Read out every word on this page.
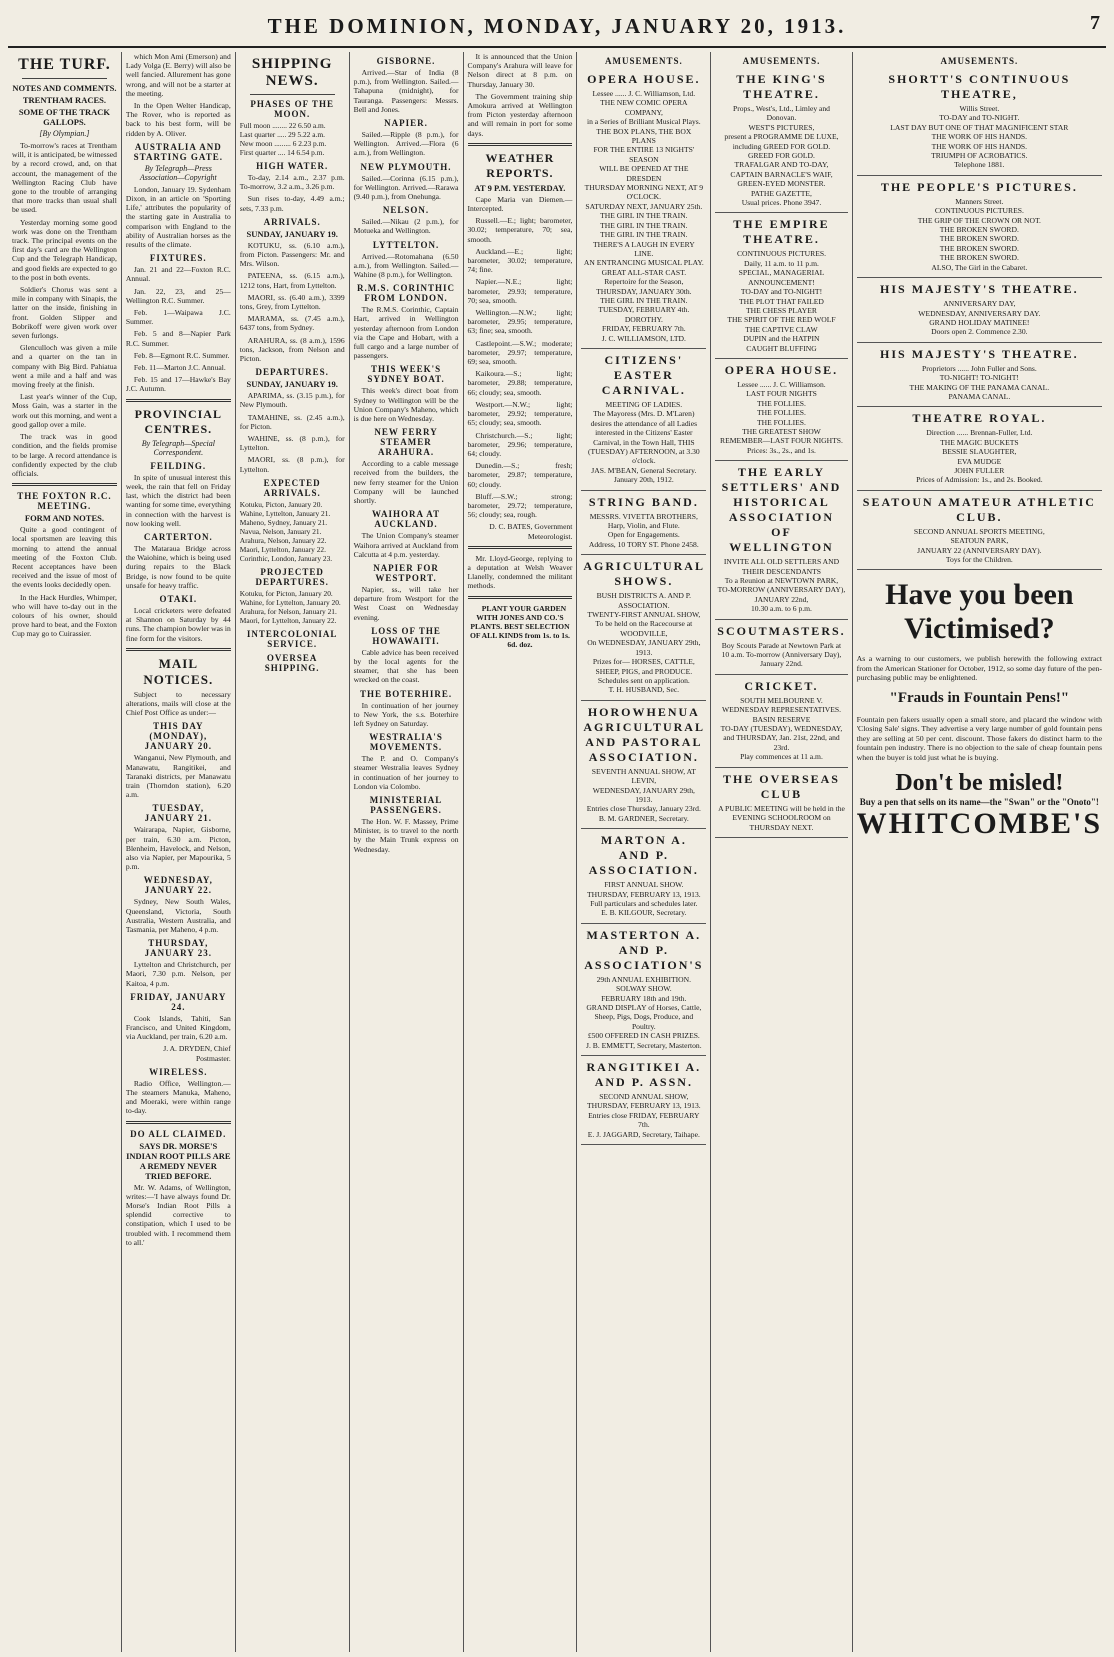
THE DOMINION, MONDAY, JANUARY 20, 1913.	7
THE TURF.
NOTES AND COMMENTS.
TRENTHAM RACES.
SOME OF THE TRACK GALLOPS.
[By Olympian.]

To-morrow's races at Trentham will, it is anticipated, be witnessed by a record crowd, and, on that account, the management of the Wellington Racing Club have gone to the trouble of arranging that more tracks than usual shall be used.

Yesterday morning some good work was done on the Trentham track. The principal events on the first day's card are the Wellington Cup and the Telegraph Handicap, and good fields are expected to go to the post in both events.

Soldier's Chorus was sent a mile in company with Sinapis, the latter on the inside, finishing in front. Golden Slipper and Bobrikoff were given work over seven furlongs.

Glenculloch was given a mile and a quarter on the tan in company with Big Bird. Pahiatua went a mile and a half and was moving freely at the finish.

Last year's winner of the Cup, Moss Gain, was a starter in the work out this morning, and went a good gallop over a mile.

The track was in good condition, and the fields promise to be large. A record attendance is confidently expected by the club officials.

THE FOXTON R.C. MEETING.
FORM AND NOTES.

Quite a good contingent of local sportsmen are leaving this morning to attend the annual meeting of the Foxton Club. Recent acceptances have been received and the issue of most of the events looks decidedly open.

In the Hack Hurdles, Whimper, who will have to-day out in the colours of his owner, should prove hard to beat, and the Foxton Cup may go to Cuirassier.

which Mon Ami (Emerson) and Lady Volga (E. Berry) will also be well fancied. Allurement has gone wrong, and will not be a starter at the meeting.

In the Open Welter Handicap, The Rover, who is reported as back to his best form, will be ridden by A. Oliver.

AUSTRALIA AND STARTING GATE.
By Telegraph—Press Association—Copyright

London, January 19. Sydenham Dixon, in an article on 'Sporting Life,' attributes the popularity of the starting gate in Australia to comparison with England to the ability of Australian horses as the results of the climate.

FIXTURES.

Jan. 21 and 22—Foxton R.C. Annual.

Jan. 22, 23, and 25—Wellington R.C. Summer.

Feb. 1—Waipawa J.C. Summer.

Feb. 5 and 8—Napier Park R.C. Summer.

Feb. 8—Egmont R.C. Summer.

Feb. 11—Marton J.C. Annual.

Feb. 15 and 17—Hawke's Bay J.C. Autumn.

PROVINCIAL CENTRES.
By Telegraph—Special Correspondent.
FEILDING.

In spite of unusual interest this week, the rain that fell on Friday last, which the district had been wanting for some time, everything in connection with the harvest is now looking well.

CARTERTON.

The Mataraua Bridge across the Waiohine, which is being used during repairs to the Black Bridge, is now found to be quite unsafe for heavy traffic.

OTAKI.

Local cricketers were defeated at Shannon on Saturday by 44 runs. The champion bowler was in fine form for the visitors.

MAIL NOTICES.

Subject to necessary alterations, mails will close at the Chief Post Office as under:—

THIS DAY (MONDAY), JANUARY 20.

Wanganui, New Plymouth, and Manawatu, Rangitikei, and Taranaki districts, per Manawatu train (Thorndon station), 6.20 a.m.

TUESDAY, JANUARY 21.

Wairarapa, Napier, Gisborne, per train, 6.30 a.m. Picton, Blenheim, Havelock, and Nelson, also via Napier, per Mapourika, 5 p.m.

WEDNESDAY, JANUARY 22.

Sydney, New South Wales, Queensland, Victoria, South Australia, Western Australia, and Tasmania, per Maheno, 4 p.m.

THURSDAY, JANUARY 23.

Lyttelton and Christchurch, per Maori, 7.30 p.m. Nelson, per Kaitoa, 4 p.m.

FRIDAY, JANUARY 24.

Cook Islands, Tahiti, San Francisco, and United Kingdom, via Auckland, per train, 6.20 a.m.

J. A. DRYDEN, Chief Postmaster.

WIRELESS.

Radio Office, Wellington.—The steamers Manuka, Maheno, and Moeraki, were within range to-day.

DO ALL CLAIMED.
SAYS DR. MORSE'S INDIAN ROOT PILLS ARE A REMEDY NEVER TRIED BEFORE.

Mr. W. Adams, of Wellington, writes:—'I have always found Dr. Morse's Indian Root Pills a splendid corrective to constipation, which I used to be troubled with. I recommend them to all.'

SHIPPING NEWS.
PHASES OF THE MOON.
Full moon ........ 22 6.50 a.m.
Last quarter ..... 29 5.22 a.m.
New moon ......... 6 2.23 p.m.
First quarter .... 14 6.54 p.m.
HIGH WATER.

To-day, 2.14 a.m., 2.37 p.m. To-morrow, 3.2 a.m., 3.26 p.m.

Sun rises to-day, 4.49 a.m.; sets, 7.33 p.m.

ARRIVALS.
SUNDAY, JANUARY 19.

KOTUKU, ss. (6.10 a.m.), from Picton. Passengers: Mr. and Mrs. Wilson.

PATEENA, ss. (6.15 a.m.), 1212 tons, Hart, from Lyttelton.

MAORI, ss. (6.40 a.m.), 3399 tons, Grey, from Lyttelton.

MARAMA, ss. (7.45 a.m.), 6437 tons, from Sydney.

ARAHURA, ss. (8 a.m.), 1596 tons, Jackson, from Nelson and Picton.

DEPARTURES.
SUNDAY, JANUARY 19.

APARIMA, ss. (3.15 p.m.), for New Plymouth.

TAMAHINE, ss. (2.45 a.m.), for Picton.

WAHINE, ss. (8 p.m.), for Lyttelton.

MAORI, ss. (8 p.m.), for Lyttelton.

EXPECTED ARRIVALS.
Kotuku, Picton, January 20.
Wahine, Lyttelton, January 21.
Maheno, Sydney, January 21.
Navua, Nelson, January 21.
Arahura, Nelson, January 22.
Maori, Lyttelton, January 22.
Corinthic, London, January 23.
PROJECTED DEPARTURES.
Kotuku, for Picton, January 20.
Wahine, for Lyttelton, January 20.
Arahura, for Nelson, January 21.
Maori, for Lyttelton, January 22.
INTERCOLONIAL SERVICE.
OVERSEA SHIPPING.
GISBORNE.

Arrived.—Star of India (8 p.m.), from Wellington. Sailed.—Tahapuna (midnight), for Tauranga. Passengers: Messrs. Bell and Jones.

NAPIER.

Sailed.—Ripple (8 p.m.), for Wellington. Arrived.—Flora (6 a.m.), from Wellington.

NEW PLYMOUTH.

Sailed.—Corinna (6.15 p.m.), for Wellington. Arrived.—Rarawa (9.40 p.m.), from Onehunga.

NELSON.

Sailed.—Nikau (2 p.m.), for Motueka and Wellington.

LYTTELTON.

Arrived.—Rotomahana (6.50 a.m.), from Wellington. Sailed.—Wahine (8 p.m.), for Wellington.

R.M.S. CORINTHIC FROM LONDON.

The R.M.S. Corinthic, Captain Hart, arrived in Wellington yesterday afternoon from London via the Cape and Hobart, with a full cargo and a large number of passengers.

THIS WEEK'S SYDNEY BOAT.

This week's direct boat from Sydney to Wellington will be the Union Company's Maheno, which is due here on Wednesday.

NEW FERRY STEAMER ARAHURA.

According to a cable message received from the builders, the new ferry steamer for the Union Company will be launched shortly.

WAIHORA AT AUCKLAND.

The Union Company's steamer Waihora arrived at Auckland from Calcutta at 4 p.m. yesterday.

NAPIER FOR WESTPORT.

Napier, ss., will take her departure from Westport for the West Coast on Wednesday evening.

LOSS OF THE HOWAWAITI.

Cable advice has been received by the local agents for the steamer, that she has been wrecked on the coast.

THE BOTERHIRE.

In continuation of her journey to New York, the s.s. Boterhire left Sydney on Saturday.

WESTRALIA'S MOVEMENTS.

The P. and O. Company's steamer Westralia leaves Sydney in continuation of her journey to London via Colombo.

MINISTERIAL PASSENGERS.

The Hon. W. F. Massey, Prime Minister, is to travel to the north by the Main Trunk express on Wednesday.

It is announced that the Union Company's Arahura will leave for Nelson direct at 8 p.m. on Thursday, January 30.

The Government training ship Amokura arrived at Wellington from Picton yesterday afternoon and will remain in port for some days.

WEATHER REPORTS.
AT 9 P.M. YESTERDAY.

Cape Maria van Diemen.—Intercepted.

Russell.—E.; light; barometer, 30.02; temperature, 70; sea, smooth.

Auckland.—E.; light; barometer, 30.02; temperature, 74; fine.

Napier.—N.E.; light; barometer, 29.93; temperature, 70; sea, smooth.

Wellington.—N.W.; light; barometer, 29.95; temperature, 63; fine; sea, smooth.

Castlepoint.—S.W.; moderate; barometer, 29.97; temperature, 69; sea, smooth.

Kaikoura.—S.; light; barometer, 29.88; temperature, 66; cloudy; sea, smooth.

Westport.—N.W.; light; barometer, 29.92; temperature, 65; cloudy; sea, smooth.

Christchurch.—S.; light; barometer, 29.96; temperature, 64; cloudy.

Dunedin.—S.; fresh; barometer, 29.87; temperature, 60; cloudy.

Bluff.—S.W.; strong; barometer, 29.72; temperature, 56; cloudy; sea, rough.

D. C. BATES, Government Meteorologist.

Mr. Lloyd-George, replying to a deputation at Welsh Weaver Llanelly, condemned the militant methods.

PLANT YOUR GARDEN WITH JONES AND CO.'S PLANTS. BEST SELECTION OF ALL KINDS from 1s. to 1s. 6d. doz.

AMUSEMENTS.
OPERA HOUSE.
Lessee ...... J. C. Williamson, Ltd.
THE NEW COMIC OPERA COMPANY,
in a Series of Brilliant Musical Plays.
THE BOX PLANS, THE BOX PLANS
FOR THE ENTIRE 13 NIGHTS' SEASON
WILL BE OPENED AT THE DRESDEN
THURSDAY MORNING NEXT, AT 9 O'CLOCK.
SATURDAY NEXT, JANUARY 25th.
THE GIRL IN THE TRAIN.
THE GIRL IN THE TRAIN.
THE GIRL IN THE TRAIN.
THERE'S A LAUGH IN EVERY LINE.
AN ENTRANCING MUSICAL PLAY.
GREAT ALL-STAR CAST.
Repertoire for the Season,
THURSDAY, JANUARY 30th.
THE GIRL IN THE TRAIN.
TUESDAY, FEBRUARY 4th.
DOROTHY.
FRIDAY, FEBRUARY 7th.
J. C. WILLIAMSON, LTD.
CITIZENS' EASTER CARNIVAL.
MEETING OF LADIES.
The Mayoress (Mrs. D. M'Laren) desires the attendance of all Ladies interested in the Citizens' Easter Carnival, in the Town Hall, THIS (TUESDAY) AFTERNOON, at 3.30 o'clock.
JAS. M'BEAN, General Secretary.
January 20th, 1912.
STRING BAND.
MESSRS. VIVETTA BROTHERS, Harp, Violin, and Flute.
Open for Engagements.
Address, 10 TORY ST. Phone 2458.
AGRICULTURAL SHOWS.
BUSH DISTRICTS A. AND P. ASSOCIATION.
TWENTY-FIRST ANNUAL SHOW,
To be held on the Racecourse at WOODVILLE,
On WEDNESDAY, JANUARY 29th, 1913.
Prizes for— HORSES, CATTLE, SHEEP, PIGS, and PRODUCE.
Schedules sent on application.
T. H. HUSBAND, Sec.
HOROWHENUA AGRICULTURAL AND PASTORAL ASSOCIATION.
SEVENTH ANNUAL SHOW, AT LEVIN,
WEDNESDAY, JANUARY 29th, 1913.
Entries close Thursday, January 23rd.
B. M. GARDNER, Secretary.
MARTON A. AND P. ASSOCIATION.
FIRST ANNUAL SHOW.
THURSDAY, FEBRUARY 13, 1913.
Full particulars and schedules later.
E. B. KILGOUR, Secretary.
MASTERTON A. AND P. ASSOCIATION'S
29th ANNUAL EXHIBITION.
SOLWAY SHOW.
FEBRUARY 18th and 19th.
GRAND DISPLAY of Horses, Cattle, Sheep, Pigs, Dogs, Produce, and Poultry.
£500 OFFERED IN CASH PRIZES.
J. B. EMMETT, Secretary, Masterton.
RANGITIKEI A. AND P. ASSN.
SECOND ANNUAL SHOW,
THURSDAY, FEBRUARY 13, 1913.
Entries close FRIDAY, FEBRUARY 7th.
E. J. JAGGARD, Secretary, Taihape.
AMUSEMENTS.
THE KING'S THEATRE.
Props., West's, Ltd., Limley and Donovan.
WEST'S PICTURES,
present a PROGRAMME DE LUXE,
including GREED FOR GOLD.
GREED FOR GOLD.
TRAFALGAR AND TO-DAY,
CAPTAIN BARNACLE'S WAIF,
GREEN-EYED MONSTER.
PATHE GAZETTE,
Usual prices. Phone 3947.
THE EMPIRE THEATRE.
CONTINUOUS PICTURES.
Daily, 11 a.m. to 11 p.m.
SPECIAL, MANAGERIAL ANNOUNCEMENT!
TO-DAY and TO-NIGHT!
THE PLOT THAT FAILED
THE CHESS PLAYER
THE SPIRIT OF THE RED WOLF
THE CAPTIVE CLAW
DUPIN and the HATPIN
CAUGHT BLUFFING
OPERA HOUSE.
Lessee ...... J. C. Williamson.
LAST FOUR NIGHTS
THE FOLLIES.
THE FOLLIES.
THE FOLLIES.
THE GREATEST SHOW
REMEMBER—LAST FOUR NIGHTS.
Prices: 3s., 2s., and 1s.
THE EARLY SETTLERS' AND HISTORICAL ASSOCIATION OF WELLINGTON
INVITE ALL OLD SETTLERS AND THEIR DESCENDANTS
To a Reunion at NEWTOWN PARK,
TO-MORROW (ANNIVERSARY DAY),
JANUARY 22nd,
10.30 a.m. to 6 p.m.
SCOUTMASTERS.
Boy Scouts Parade at Newtown Park at 10 a.m. To-morrow (Anniversary Day), January 22nd.
CRICKET.
SOUTH MELBOURNE V. WEDNESDAY REPRESENTATIVES.
BASIN RESERVE
TO-DAY (TUESDAY), WEDNESDAY, and THURSDAY, Jan. 21st, 22nd, and 23rd.
Play commences at 11 a.m.
THE OVERSEAS CLUB
A PUBLIC MEETING will be held in the EVENING SCHOOLROOM on THURSDAY NEXT.
AMUSEMENTS.
SHORTT'S CONTINUOUS THEATRE,
Willis Street.
TO-DAY and TO-NIGHT.
LAST DAY BUT ONE OF THAT MAGNIFICENT STAR
THE WORK OF HIS HANDS.
THE WORK OF HIS HANDS.
TRIUMPH OF ACROBATICS.
Telephone 1881.
THE PEOPLE'S PICTURES.
Manners Street.
CONTINUOUS PICTURES.
THE GRIP OF THE CROWN OR NOT.
THE BROKEN SWORD.
THE BROKEN SWORD.
THE BROKEN SWORD.
THE BROKEN SWORD.
ALSO, The Girl in the Cabaret.
HIS MAJESTY'S THEATRE.
ANNIVERSARY DAY,
WEDNESDAY, ANNIVERSARY DAY.
GRAND HOLIDAY MATINEE!
Doors open 2. Commence 2.30.
HIS MAJESTY'S THEATRE.
Proprietors ...... John Fuller and Sons.
TO-NIGHT! TO-NIGHT!
THE MAKING OF THE PANAMA CANAL.
PANAMA CANAL.
THEATRE ROYAL.
Direction ...... Brennan-Fuller, Ltd.
THE MAGIC BUCKETS
BESSIE SLAUGHTER,
EVA MUDGE
JOHN FULLER
Prices of Admission: 1s., and 2s. Booked.
SEATOUN AMATEUR ATHLETIC CLUB.
SECOND ANNUAL SPORTS MEETING,
SEATOUN PARK,
JANUARY 22 (ANNIVERSARY DAY).
Toys for the Children.
Have you been Victimised?

As a warning to our customers, we publish herewith the following extract from the American Stationer for October, 1912, so some day future of the pen-purchasing public may be enlightened.

"Frauds in Fountain Pens!"

Fountain pen fakers usually open a small store, and placard the window with 'Closing Sale' signs. They advertise a very large number of gold fountain pens they are selling at 50 per cent. discount. Those fakers do distinct harm to the fountain pen industry. There is no objection to the sale of cheap fountain pens when the buyer is told just what he is buying.

Don't be misled!
Buy a pen that sells on its name—the "Swan" or the "Onoto"!
WHITCOMBE'S
